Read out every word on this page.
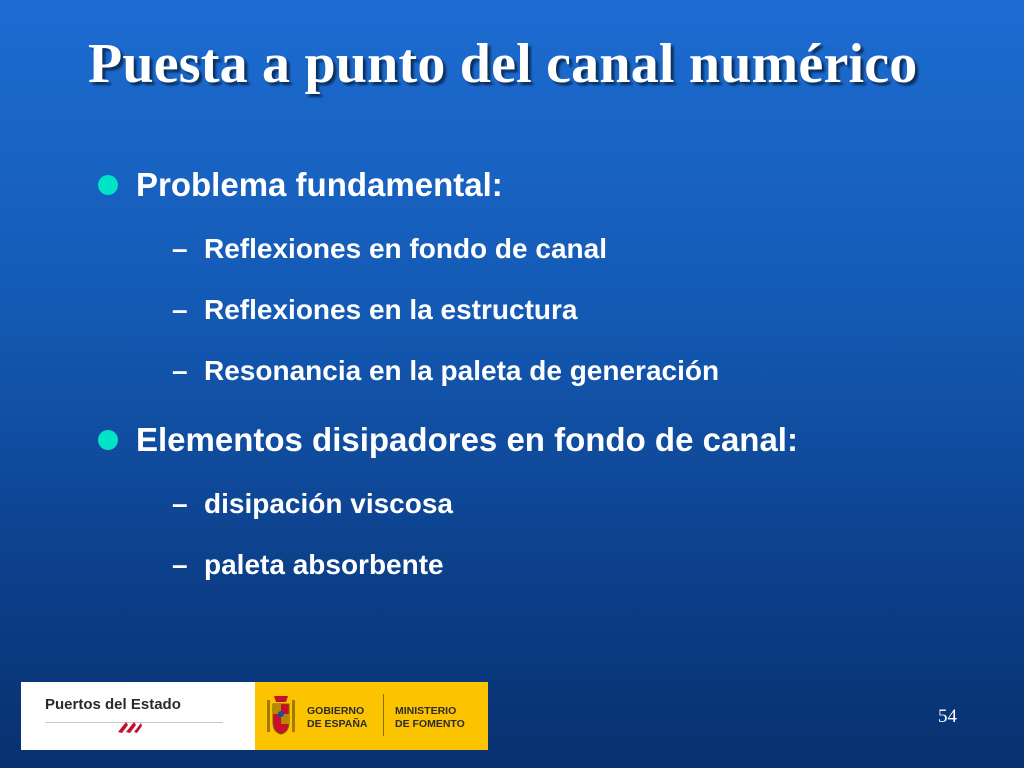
Puesta a punto del canal numérico
Problema fundamental:
– Reflexiones en fondo de canal
– Reflexiones en la estructura
– Resonancia en la paleta de generación
Elementos disipadores en fondo de canal:
– disipación viscosa
– paleta absorbente
Puertos del Estado	GOBIERNO
DE ESPAÑA
MINISTERIO
DE FOMENTO	54
